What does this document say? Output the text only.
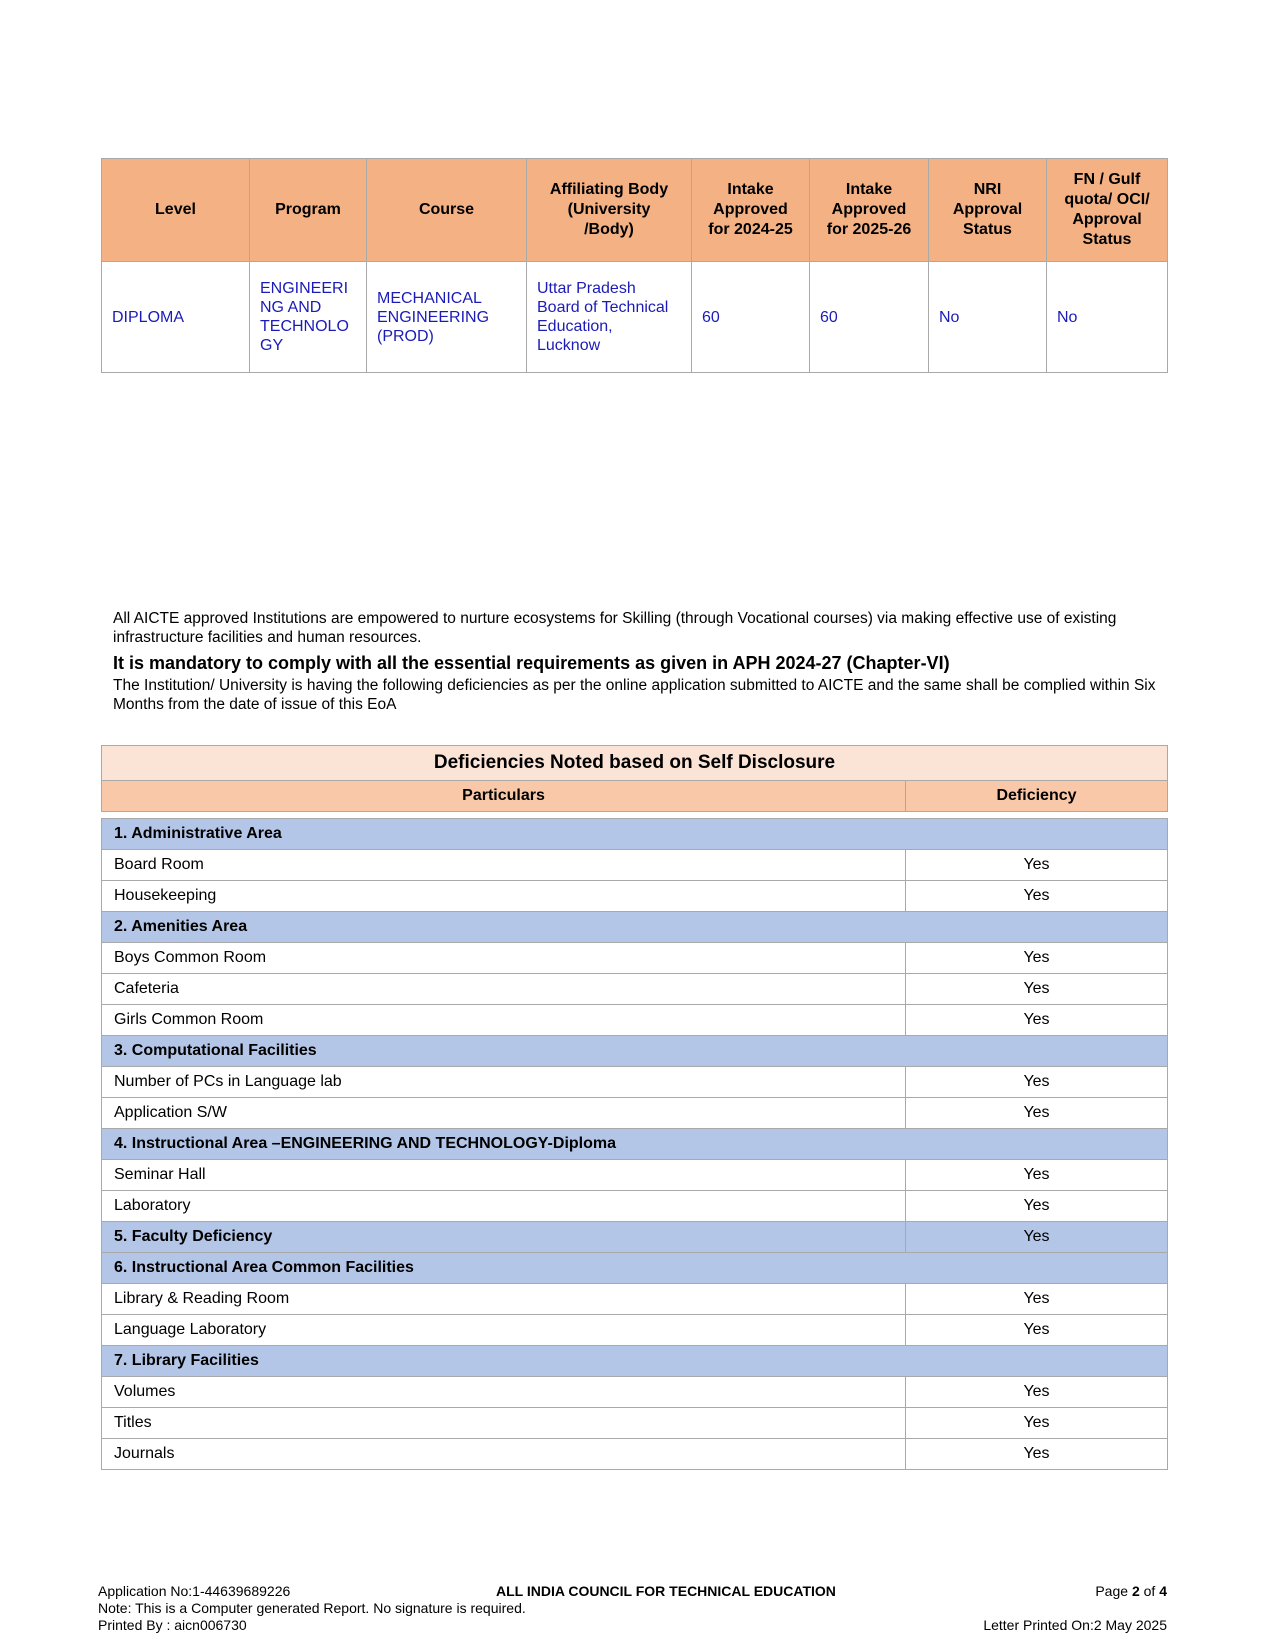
Level	Program	Course	Affiliating Body
(University
/Body)	Intake
Approved
for 2024-25	Intake
Approved
for 2025-26	NRI
Approval
Status	FN / Gulf
quota/ OCI/
Approval
Status
DIPLOMA	ENGINEERI
NG AND
TECHNOLO
GY	MECHANICAL
ENGINEERING
(PROD)	Uttar Pradesh
Board of Technical
Education,
Lucknow	60	60	No	No
All AICTE approved Institutions are empowered to nurture ecosystems for Skilling (through Vocational courses) via making effective use of existing infrastructure facilities and human resources.
It is mandatory to comply with all the essential requirements as given in APH 2024-27 (Chapter-VI)
The Institution/ University is having the following deficiencies as per the online application submitted to AICTE and the same shall be complied within Six Months from the date of issue of this EoA
Deficiencies Noted based on Self Disclosure
Particulars	Deficiency
1. Administrative Area	
Board Room	Yes
Housekeeping	Yes
2. Amenities Area	
Boys Common Room	Yes
Cafeteria	Yes
Girls Common Room	Yes
3. Computational Facilities	
Number of PCs in Language lab	Yes
Application S/W	Yes
4. Instructional Area –ENGINEERING AND TECHNOLOGY-Diploma	
Seminar Hall	Yes
Laboratory	Yes
5. Faculty Deficiency	Yes
6. Instructional Area Common Facilities	
Library & Reading Room	Yes
Language Laboratory	Yes
7. Library Facilities	
Volumes	Yes
Titles	Yes
Journals	Yes
Application No:1-44639689226	ALL INDIA COUNCIL FOR TECHNICAL EDUCATION	Page 2 of 4
Note: This is a Computer generated Report. No signature is required.
Printed By : aicn006730	Letter Printed On:2 May 2025
